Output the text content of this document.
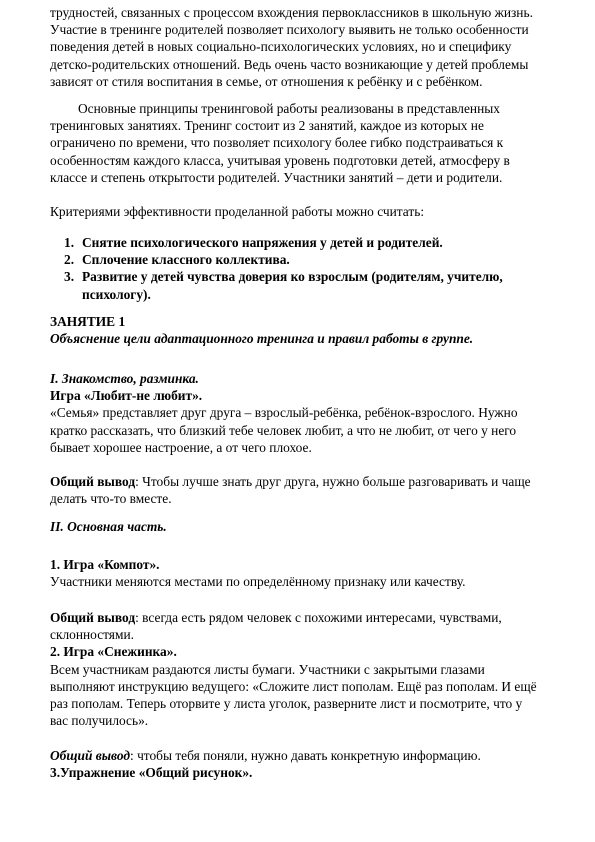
трудностей, связанных с процессом вхождения первоклассников в школьную жизнь.
Участие в тренинге родителей позволяет психологу выявить не только особенности
поведения детей в новых социально-психологических условиях, но и специфику
детско-родительских отношений. Ведь очень часто возникающие у детей проблемы
зависят от стиля воспитания в семье, от отношения к ребёнку и с ребёнком.
Основные принципы тренинговой работы реализованы в представленных
тренинговых занятиях. Тренинг состоит из 2 занятий, каждое из которых не
ограничено по времени, что позволяет психологу более гибко подстраиваться к
особенностям каждого класса, учитывая уровень подготовки детей, атмосферу в
классе и степень открытости родителей. Участники занятий – дети и родители.
Критериями эффективности проделанной работы можно считать:
1. Снятие психологического напряжения у детей и родителей.
2. Сплочение классного коллектива.
3. Развитие у детей чувства доверия ко взрослым (родителям, учителю,
психологу).
ЗАНЯТИЕ 1
Объяснение цели адаптационного тренинга и правил работы в группе.
I. Знакомство, разминка.
Игра «Любит-не любит».
«Семья» представляет друг друга – взрослый-ребёнка, ребёнок-взрослого. Нужно
кратко рассказать, что близкий тебе человек любит, а что не любит, от чего у него
бывает хорошее настроение, а от чего плохое.
Общий вывод: Чтобы лучше знать друг друга, нужно больше разговаривать и чаще
делать что-то вместе.
II. Основная часть.
1. Игра «Компот».
Участники меняются местами по определённому признаку или качеству.
Общий вывод: всегда есть рядом человек с похожими интересами, чувствами,
склонностями.
2. Игра «Снежинка».
Всем участникам раздаются листы бумаги. Участники с закрытыми глазами
выполняют инструкцию ведущего: «Сложите лист пополам. Ещё раз пополам. И ещё
раз пополам. Теперь оторвите у листа уголок, разверните лист и посмотрите, что у
вас получилось».
Общий вывод: чтобы тебя поняли, нужно давать конкретную информацию.
3.Упражнение «Общий рисунок».
